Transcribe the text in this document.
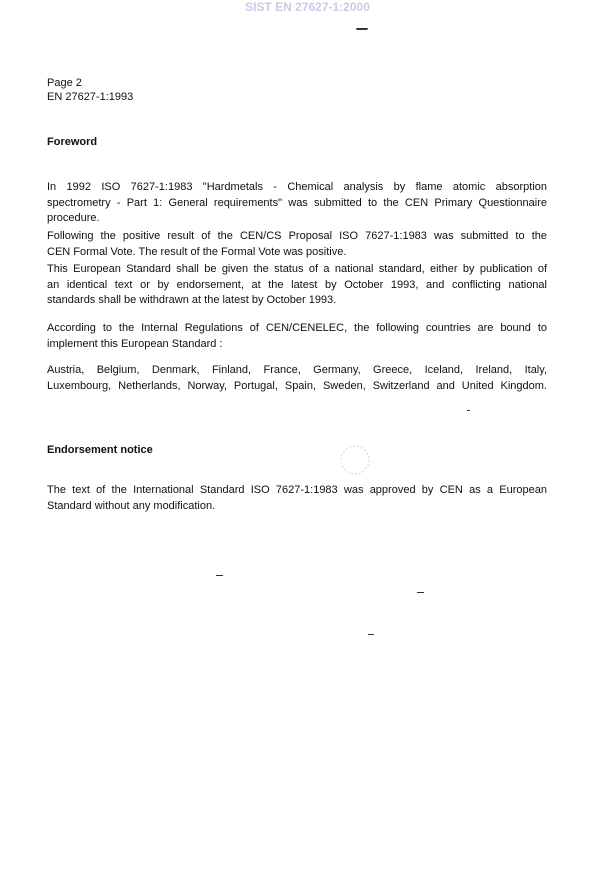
SIST EN 27627-1:2000
Page 2
EN 27627-1:1993
Foreword
In 1992 ISO 7627-1:1983 "Hardmetals - Chemical analysis by flame atomic absorption
spectrometry - Part 1: General requirements" was submitted to the CEN Primary Questionnaire
procedure.
Following the positive result of the CEN/CS Proposal ISO 7627-1:1983 was submitted to the
CEN Formal Vote. The result of the Formal Vote was positive.
This European Standard shall be given the status of a national standard, either by publication of
an identical text or by endorsement, at the latest by October 1993, and conflicting national
standards shall be withdrawn at the latest by October 1993.
According to the Internal Regulations of CEN/CENELEC, the following countries are bound to
implement this European Standard :
Austria, Belgium, Denmark, Finland, France, Germany, Greece, Iceland, Ireland, Italy,
Luxembourg, Netherlands, Norway, Portugal, Spain, Sweden, Switzerland and United Kingdom.
Endorsement notice
The text of the International Standard ISO 7627-1:1983 was approved by CEN as a European
Standard without any modification.
